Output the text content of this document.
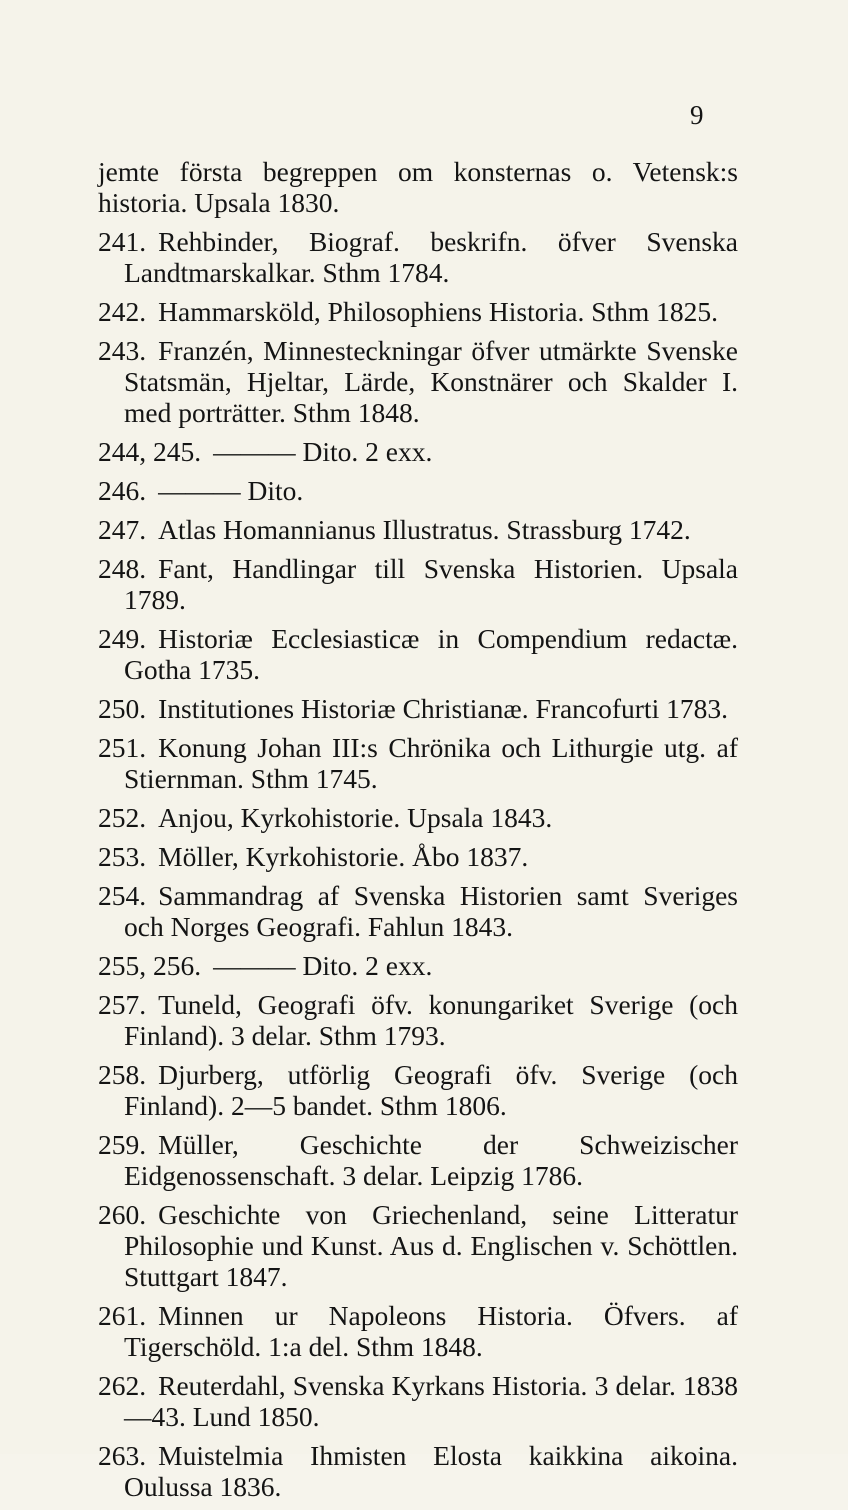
9
jemte första begreppen om konsternas o. Vetensk:s historia. Upsala 1830.
241. Rehbinder, Biograf. beskrifn. öfver Svenska Landtmarskalkar. Sthm 1784.
242. Hammarsköld, Philosophiens Historia. Sthm 1825.
243. Franzén, Minnesteckningar öfver utmärkte Svenske Statsmän, Hjeltar, Lärde, Konstnärer och Skalder I. med porträtter. Sthm 1848.
244, 245. ——— Dito. 2 exx.
246. ——— Dito.
247. Atlas Homannianus Illustratus. Strassburg 1742.
248. Fant, Handlingar till Svenska Historien. Upsala 1789.
249. Historiæ Ecclesiasticæ in Compendium redactæ. Gotha 1735.
250. Institutiones Historiæ Christianæ. Francofurti 1783.
251. Konung Johan III:s Chrönika och Lithurgie utg. af Stiernman. Sthm 1745.
252. Anjou, Kyrkohistorie. Upsala 1843.
253. Möller, Kyrkohistorie. Åbo 1837.
254. Sammandrag af Svenska Historien samt Sveriges och Norges Geografi. Fahlun 1843.
255, 256. ——— Dito. 2 exx.
257. Tuneld, Geografi öfv. konungariket Sverige (och Finland). 3 delar. Sthm 1793.
258. Djurberg, utförlig Geografi öfv. Sverige (och Finland). 2—5 bandet. Sthm 1806.
259. Müller, Geschichte der Schweizischer Eidgenossenschaft. 3 delar. Leipzig 1786.
260. Geschichte von Griechenland, seine Litteratur Philosophie und Kunst. Aus d. Englischen v. Schöttlen. Stuttgart 1847.
261. Minnen ur Napoleons Historia. Öfvers. af Tigerschöld. 1:a del. Sthm 1848.
262. Reuterdahl, Svenska Kyrkans Historia. 3 delar. 1838—43. Lund 1850.
263. Muistelmia Ihmisten Elosta kaikkina aikoina. Oulussa 1836.
